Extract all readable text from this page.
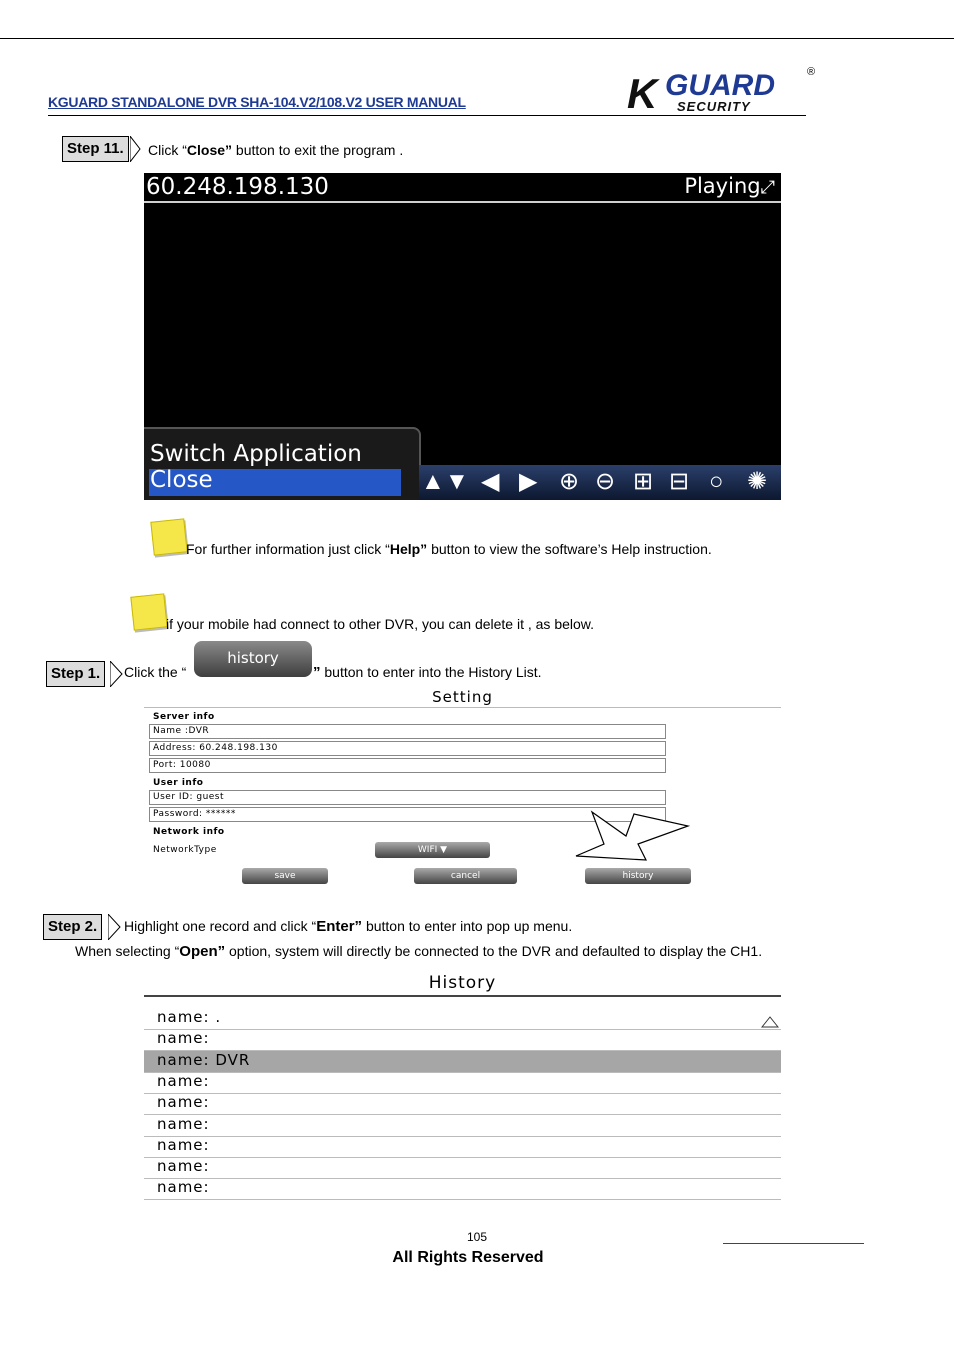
KGUARD STANDALONE DVR SHA-104.V2/108.V2 USER MANUAL	K GUARD
SECURITY
®
Step 11.	Click “Close” button to exit the program .
60.248.198.130	Playing⤢
Switch Application
Close	▲ ▼ ◀ ▶ ⊕ ⊖ ⊞ ⊟ ○ ✺
For further information just click “Help” button to view the software’s Help instruction.
if your mobile had connect to other DVR, you can delete it , as below.
Step 1.	Click the “
history
” button to enter into the History List.
Setting
Server info
Name :DVR
Address: 60.248.198.130
Port: 10080
User info
User ID: guest
Password: ******
Network info
NetworkType	WIFI ▼
save	cancel	history
Step 2.	Highlight one record and click “Enter” button to enter into pop up menu.
When selecting “Open” option, system will directly be connected to the DVR and defaulted to display the CH1.
History
name: .
name:
name: DVR
name:
name:
name:
name:
name:
name:
105
All Rights Reserved
